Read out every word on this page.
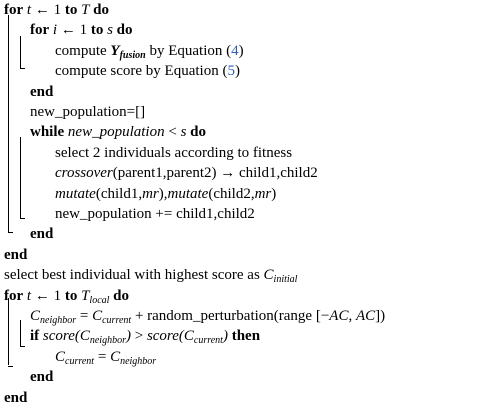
for t ← 1 to T do
for i ← 1 to s do
compute $Y_{fusion}$ by Equation (4)
compute score by Equation (5)
end
new_population=[]
while new_population < s do
select 2 individuals according to fitness
crossover(parent1,parent2) → child1,child2
mutate(child1,mr),mutate(child2,mr)
new_population += child1,child2
end
end
select best individual with highest score as $C_{initial}$
for t ← 1 to $T_{local}$ do
$C_{neighbor} = C_{current}$ + random_perturbation(range [−AC, AC])
if $score(C_{neighbor})$ > $score(C_{current})$ then
$C_{current} = C_{neighbor}$
end
end
